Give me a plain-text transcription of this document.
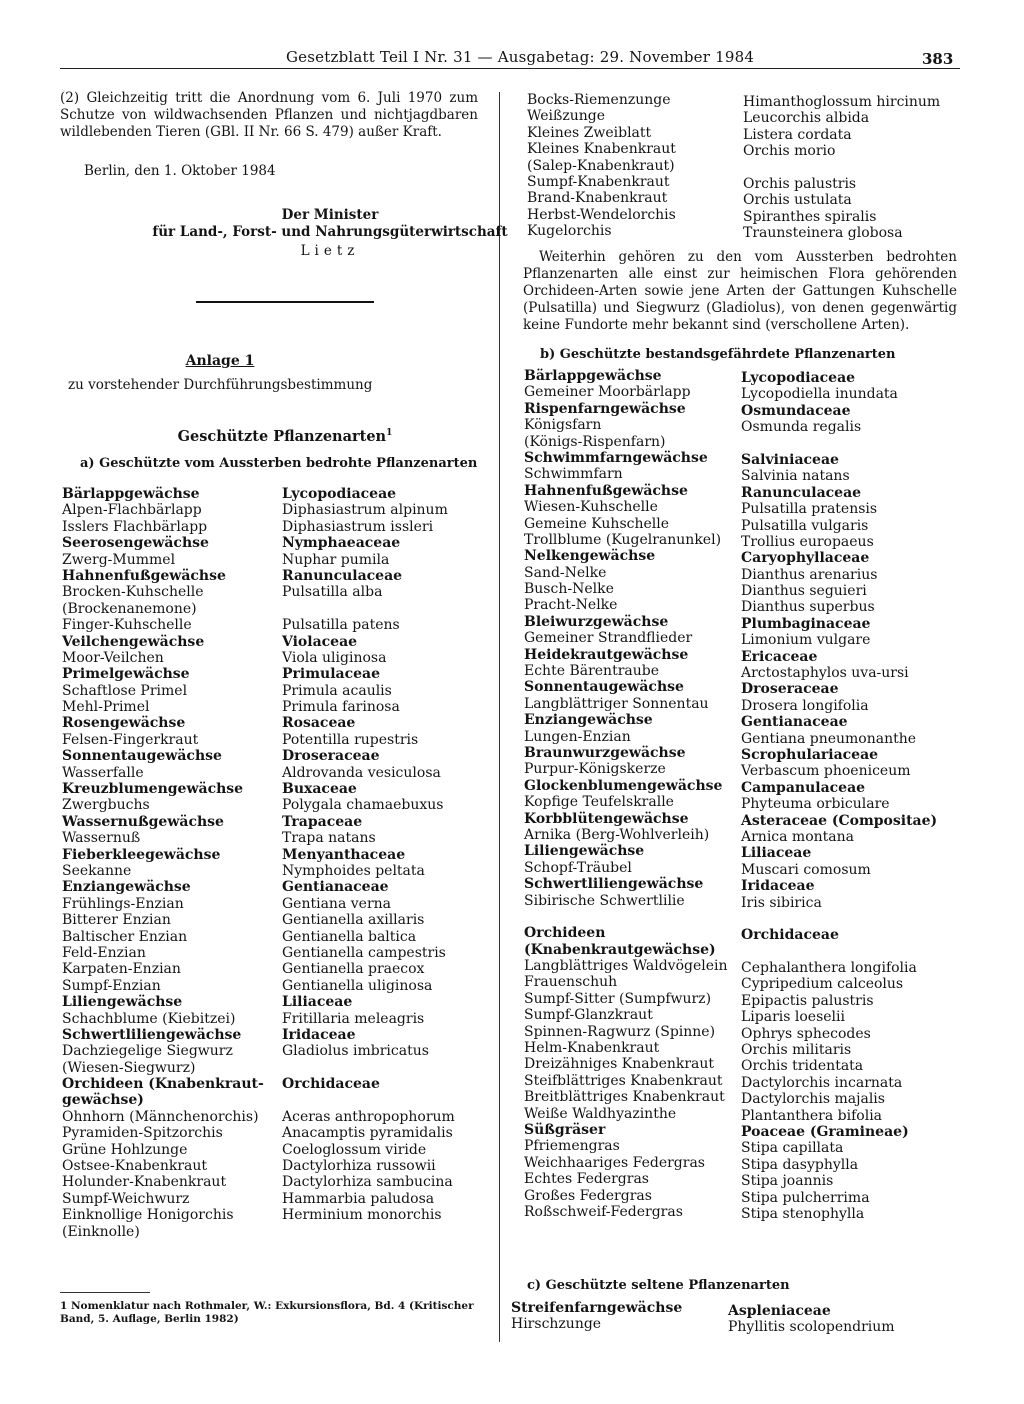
Gesetzblatt Teil I Nr. 31 — Ausgabetag: 29. November 1984	383
(2) Gleichzeitig tritt die Anordnung vom 6. Juli 1970 zum Schutze von wildwachsenden Pflanzen und nichtjagdbaren wildlebenden Tieren (GBl. II Nr. 66 S. 479) außer Kraft.
Berlin, den 1. Oktober 1984
Der Minister
für Land-, Forst- und Nahrungsgüterwirtschaft
Lietz
Anlage 1
zu vorstehender Durchführungsbestimmung
Geschützte Pflanzenarten$^1$
a) Geschützte vom Aussterben bedrohte Pflanzenarten
Bärlappgewächse
Alpen-Flachbärlapp
Isslers Flachbärlapp
Seerosengewächse
Zwerg-Mummel
Hahnenfußgewächse
Brocken-Kuhschelle
(Brockenanemone)
Finger-Kuhschelle
Veilchengewächse
Moor-Veilchen
Primelgewächse
Schaftlose Primel
Mehl-Primel
Rosengewächse
Felsen-Fingerkraut
Sonnentaugewächse
Wasserfalle
Kreuzblumengewächse
Zwergbuchs
Wassernußgewächse
Wassernuß
Fieberkleegewächse
Seekanne
Enziangewächse
Frühlings-Enzian
Bitterer Enzian
Baltischer Enzian
Feld-Enzian
Karpaten-Enzian
Sumpf-Enzian
Liliengewächse
Schachblume (Kiebitzei)
Schwertliliengewächse
Dachziegelige Siegwurz
(Wiesen-Siegwurz)
Orchideen (Knabenkraut-
gewächse)
Ohnhorn (Männchenorchis)
Pyramiden-Spitzorchis
Grüne Hohlzunge
Ostsee-Knabenkraut
Holunder-Knabenkraut
Sumpf-Weichwurz
Einknollige Honigorchis
(Einknolle)
Lycopodiaceae
Diphasiastrum alpinum
Diphasiastrum issleri
Nymphaeaceae
Nuphar pumila
Ranunculaceae
Pulsatilla alba
Pulsatilla patens
Violaceae
Viola uliginosa
Primulaceae
Primula acaulis
Primula farinosa
Rosaceae
Potentilla rupestris
Droseraceae
Aldrovanda vesiculosa
Buxaceae
Polygala chamaebuxus
Trapaceae
Trapa natans
Menyanthaceae
Nymphoides peltata
Gentianaceae
Gentiana verna
Gentianella axillaris
Gentianella baltica
Gentianella campestris
Gentianella praecox
Gentianella uliginosa
Liliaceae
Fritillaria meleagris
Iridaceae
Gladiolus imbricatus
Orchidaceae
Aceras anthropophorum
Anacamptis pyramidalis
Coeloglossum viride
Dactylorhiza russowii
Dactylorhiza sambucina
Hammarbia paludosa
Herminium monorchis
1 Nomenklatur nach Rothmaler, W.: Exkursionsflora, Bd. 4 (Kritischer Band, 5. Auflage, Berlin 1982)
Bocks-Riemenzunge
Weißzunge
Kleines Zweiblatt
Kleines Knabenkraut
(Salep-Knabenkraut)
Sumpf-Knabenkraut
Brand-Knabenkraut
Herbst-Wendelorchis
Kugelorchis
Himanthoglossum hircinum
Leucorchis albida
Listera cordata
Orchis morio
Orchis palustris
Orchis ustulata
Spiranthes spiralis
Traunsteinera globosa
Weiterhin gehören zu den vom Aussterben bedrohten Pflanzenarten alle einst zur heimischen Flora gehörenden Orchideen-Arten sowie jene Arten der Gattungen Kuhschelle (Pulsatilla) und Siegwurz (Gladiolus), von denen gegenwärtig keine Fundorte mehr bekannt sind (verschollene Arten).
b) Geschützte bestandsgefährdete Pflanzenarten
Bärlappgewächse
Gemeiner Moorbärlapp
Rispenfarngewächse
Königsfarn
(Königs-Rispenfarn)
Schwimmfarngewächse
Schwimmfarn
Hahnenfußgewächse
Wiesen-Kuhschelle
Gemeine Kuhschelle
Trollblume (Kugelranunkel)
Nelkengewächse
Sand-Nelke
Busch-Nelke
Pracht-Nelke
Bleiwurzgewächse
Gemeiner Strandflieder
Heidekrautgewächse
Echte Bärentraube
Sonnentaugewächse
Langblättriger Sonnentau
Enziangewächse
Lungen-Enzian
Braunwurzgewächse
Purpur-Königskerze
Glockenblumengewächse
Kopfige Teufelskralle
Korbblütengewächse
Arnika (Berg-Wohlverleih)
Liliengewächse
Schopf-Träubel
Schwertliliengewächse
Sibirische Schwertlilie
Orchideen
(Knabenkrautgewächse)
Langblättriges Waldvögelein
Frauenschuh
Sumpf-Sitter (Sumpfwurz)
Sumpf-Glanzkraut
Spinnen-Ragwurz (Spinne)
Helm-Knabenkraut
Dreizähniges Knabenkraut
Steifblättriges Knabenkraut
Breitblättriges Knabenkraut
Weiße Waldhyazinthe
Süßgräser
Pfriemengras
Weichhaariges Federgras
Echtes Federgras
Großes Federgras
Roßschweif-Federgras
Lycopodiaceae
Lycopodiella inundata
Osmundaceae
Osmunda regalis
Salviniaceae
Salvinia natans
Ranunculaceae
Pulsatilla pratensis
Pulsatilla vulgaris
Trollius europaeus
Caryophyllaceae
Dianthus arenarius
Dianthus seguieri
Dianthus superbus
Plumbaginaceae
Limonium vulgare
Ericaceae
Arctostaphylos uva-ursi
Droseraceae
Drosera longifolia
Gentianaceae
Gentiana pneumonanthe
Scrophulariaceae
Verbascum phoeniceum
Campanulaceae
Phyteuma orbiculare
Asteraceae (Compositae)
Arnica montana
Liliaceae
Muscari comosum
Iridaceae
Iris sibirica
Orchidaceae
Cephalanthera longifolia
Cypripedium calceolus
Epipactis palustris
Liparis loeselii
Ophrys sphecodes
Orchis militaris
Orchis tridentata
Dactylorchis incarnata
Dactylorchis majalis
Plantanthera bifolia
Poaceae (Gramineae)
Stipa capillata
Stipa dasyphylla
Stipa joannis
Stipa pulcherrima
Stipa stenophylla
c) Geschützte seltene Pflanzenarten
Streifenfarngewächse
Hirschzunge
Aspleniaceae
Phyllitis scolopendrium
